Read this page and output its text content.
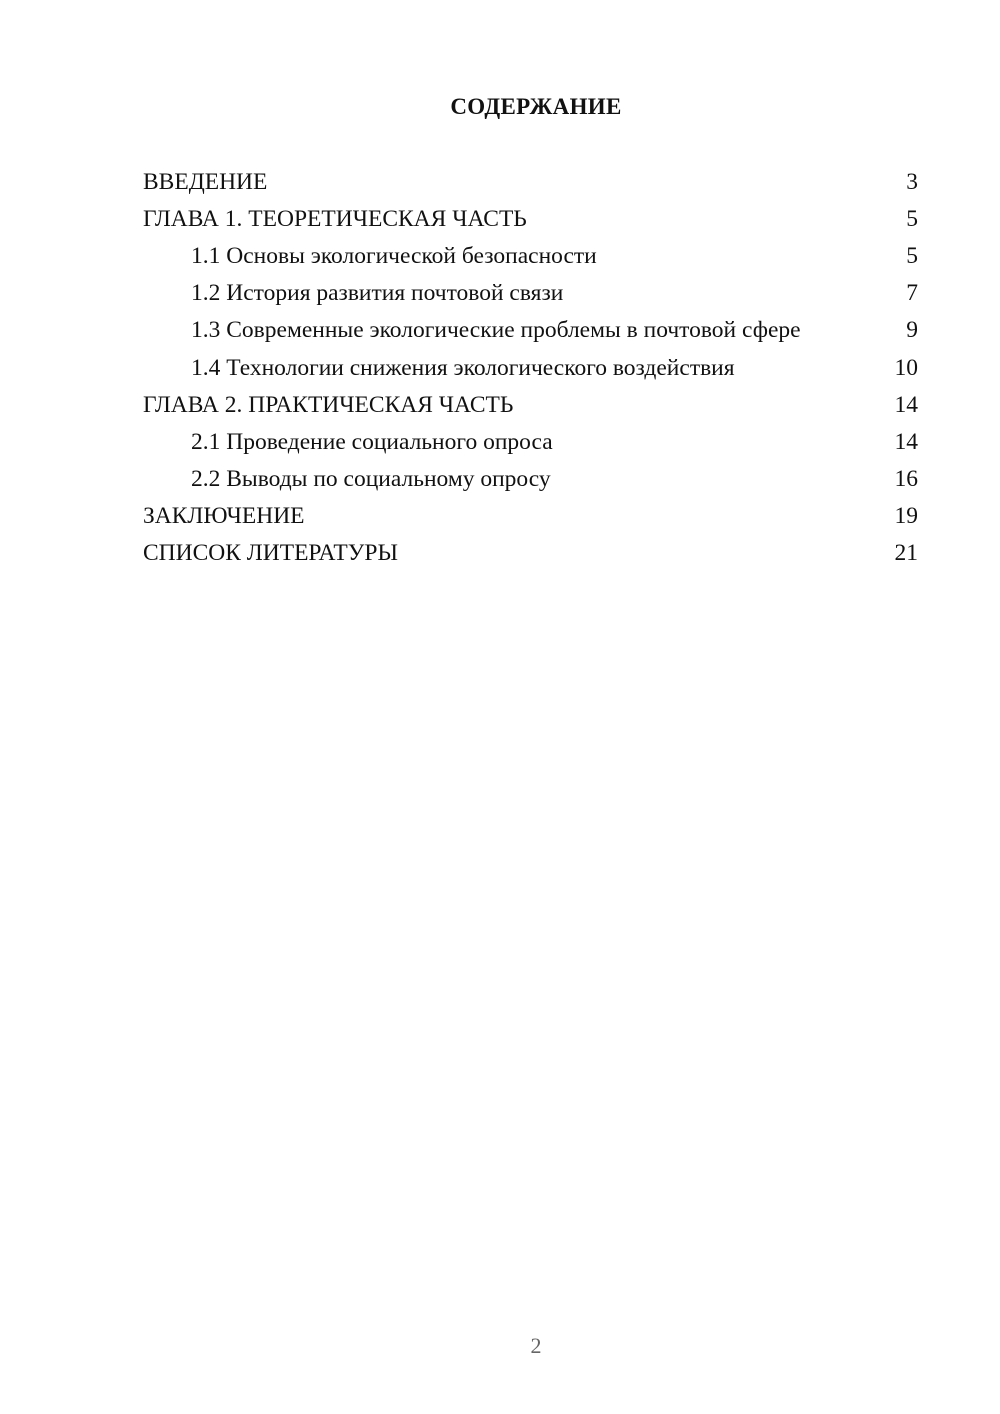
СОДЕРЖАНИЕ
ВВЕДЕНИЕ	3
ГЛАВА 1. ТЕОРЕТИЧЕСКАЯ ЧАСТЬ	5
1.1 Основы экологической безопасности	5
1.2 История развития почтовой связи	7
1.3 Современные экологические проблемы в почтовой сфере	9
1.4 Технологии снижения экологического воздействия	10
ГЛАВА 2. ПРАКТИЧЕСКАЯ ЧАСТЬ	14
2.1 Проведение социального опроса	14
2.2 Выводы по социальному опросу	16
ЗАКЛЮЧЕНИЕ	19
СПИСОК ЛИТЕРАТУРЫ	21
2
